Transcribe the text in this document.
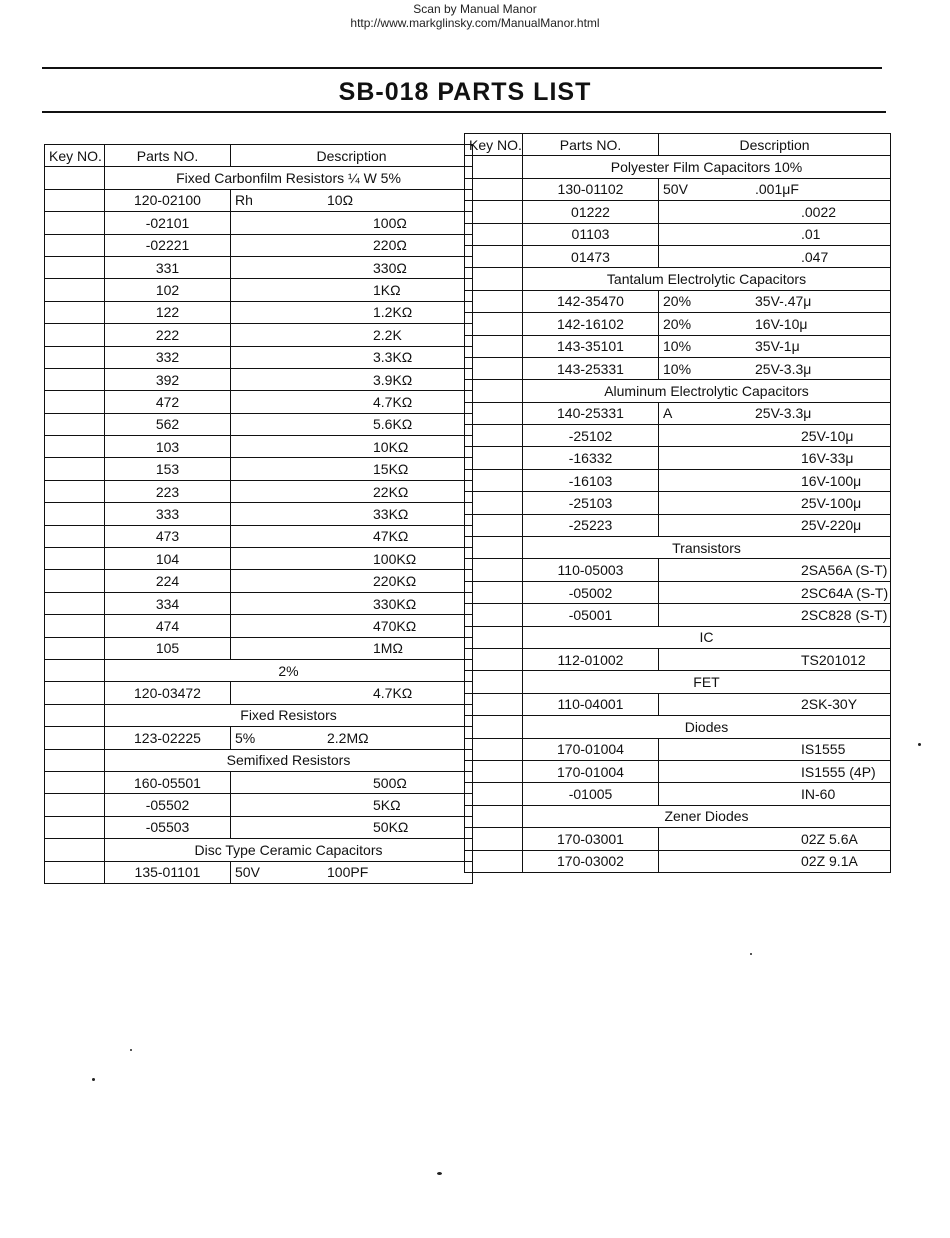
Scan by Manual Manor
http://www.markglinsky.com/ManualManor.html
SB-018 PARTS LIST
Key NO.	Parts NO.	Description
	Fixed Carbonfilm Resistors ¼ W 5%	
	120-02100	Rh 10Ω
	-02101	100Ω
	-02221	220Ω
	331	330Ω
	102	1KΩ
	122	1.2KΩ
	222	2.2K
	332	3.3KΩ
	392	3.9KΩ
	472	4.7KΩ
	562	5.6KΩ
	103	10KΩ
	153	15KΩ
	223	22KΩ
	333	33KΩ
	473	47KΩ
	104	100KΩ
	224	220KΩ
	334	330KΩ
	474	470KΩ
	105	1MΩ
	2%	
	120-03472	4.7KΩ
	Fixed Resistors	
	123-02225	5% 2.2MΩ
	Semifixed Resistors	
	160-05501	500Ω
	-05502	5KΩ
	-05503	50KΩ
	Disc Type Ceramic Capacitors	
	135-01101	50V 100PF
Key NO.	Parts NO.	Description
	Polyester Film Capacitors 10%	
	130-01102	50V .001μF
	01222	.0022
	01103	.01
	01473	.047
	Tantalum Electrolytic Capacitors	
	142-35470	20% 35V-.47μ
	142-16102	20% 16V-10μ
	143-35101	10% 35V-1μ
	143-25331	10% 25V-3.3μ
	Aluminum Electrolytic Capacitors	
	140-25331	A 25V-3.3μ
	-25102	25V-10μ
	-16332	16V-33μ
	-16103	16V-100μ
	-25103	25V-100μ
	-25223	25V-220μ
	Transistors	
	110-05003	2SA56A (S-T)
	-05002	2SC64A (S-T)
	-05001	2SC828 (S-T)
	IC	
	112-01002	TS201012
	FET	
	110-04001	2SK-30Y
	Diodes	
	170-01004	IS1555
	170-01004	IS1555 (4P)
	-01005	IN-60
	Zener Diodes	
	170-03001	02Z 5.6A
	170-03002	02Z 9.1A
